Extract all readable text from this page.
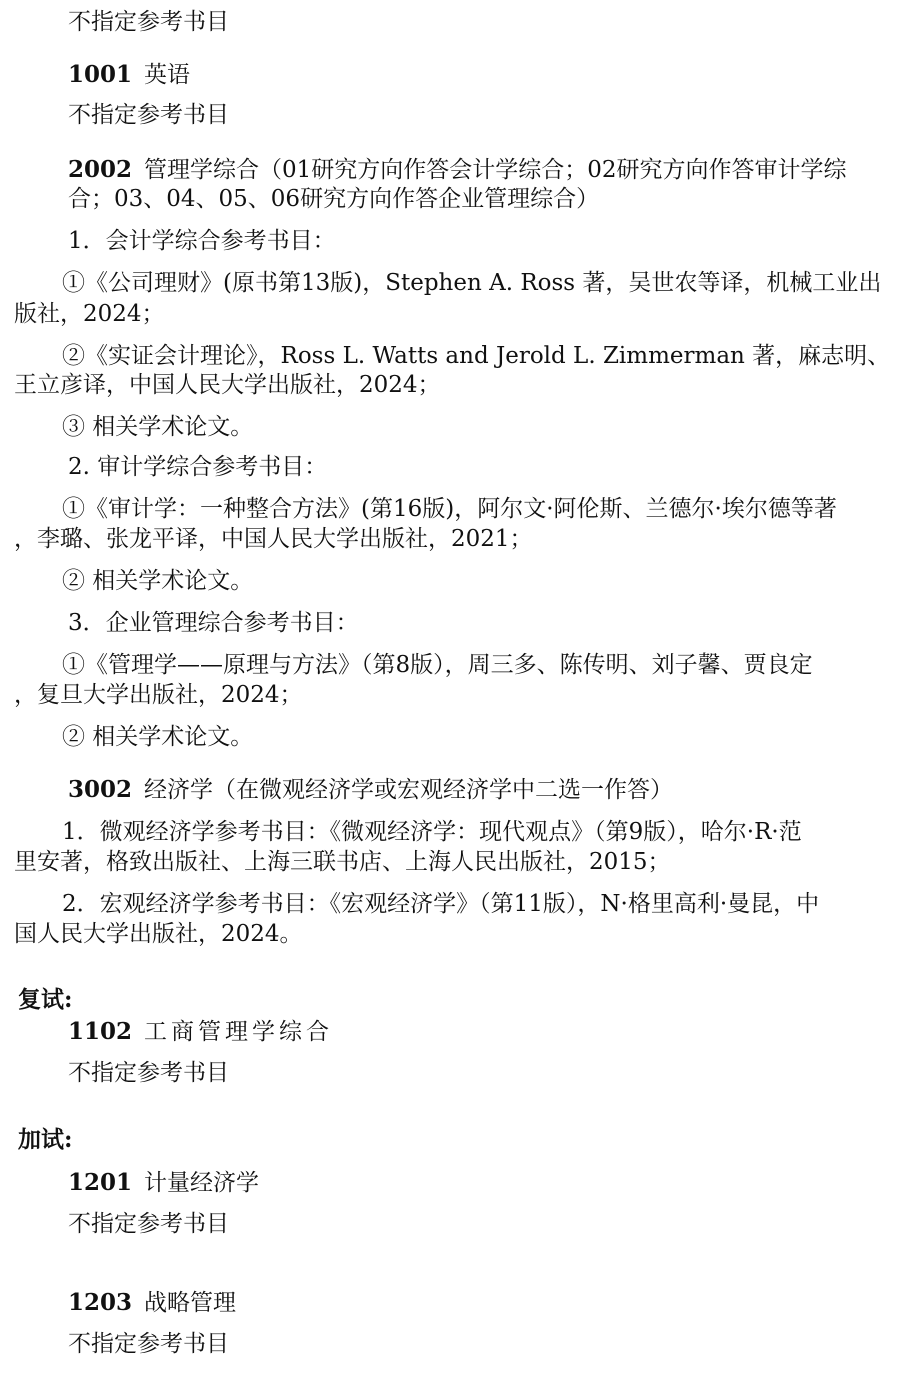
不指定参考书目
1001 英语
不指定参考书目
2002 管理学综合（01研究方向作答会计学综合；02研究方向作答审计学综
合；03、04、05、06研究方向作答企业管理综合）
1．会计学综合参考书目：
①《公司理财》(原书第13版)，Stephen A. Ross 著，吴世农等译，机械工业出
版社，2024；
②《实证会计理论》，Ross L. Watts and Jerold L. Zimmerman 著，麻志明、
王立彦译，中国人民大学出版社，2024；
③ 相关学术论文。
2. 审计学综合参考书目：
①《审计学：一种整合方法》(第16版)，阿尔文·阿伦斯、兰德尔·埃尔德等著
，李璐、张龙平译，中国人民大学出版社，2021；
② 相关学术论文。
3．企业管理综合参考书目：
①《管理学——原理与方法》（第8版），周三多、陈传明、刘子馨、贾良定
，复旦大学出版社，2024；
② 相关学术论文。
3002 经济学（在微观经济学或宏观经济学中二选一作答）
1．微观经济学参考书目：《微观经济学：现代观点》（第9版），哈尔·R·范
里安著，格致出版社、上海三联书店、上海人民出版社，2015；
2．宏观经济学参考书目：《宏观经济学》（第11版），N·格里高利·曼昆，中
国人民大学出版社，2024。
复试:
1102 工商管理学综合
不指定参考书目
加试:
1201 计量经济学
不指定参考书目
1203 战略管理
不指定参考书目
